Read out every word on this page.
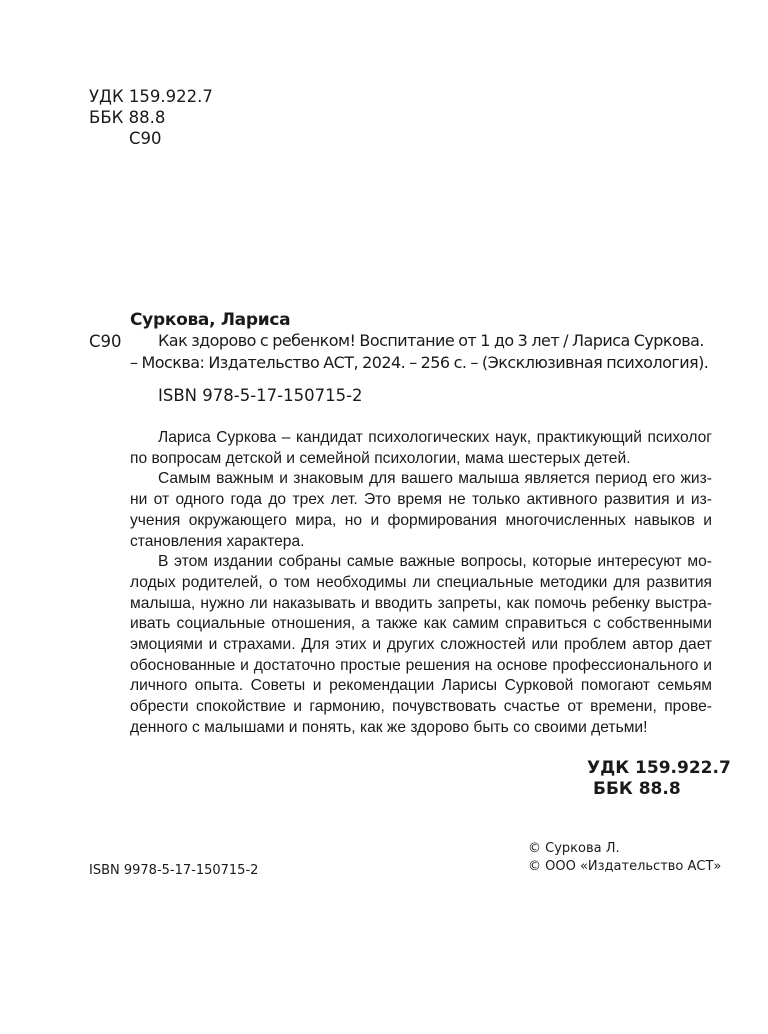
УДК 159.922.7
ББК 88.8
С90
Суркова, Лариса
С90	Как здорово с ребенком! Воспитание от 1 до 3 лет / Лариса Суркова. – Москва: Издательство АСТ, 2024. – 256 с. – (Эксклюзивная психология).
ISBN 978-5-17-150715-2

Лариса Суркова – кандидат психологических наук, практикующий психолог по вопросам детской и семейной психологии, мама шестерых детей.

Самым важным и знаковым для вашего малыша является период его жизни от одного года до трех лет. Это время не только активного развития и изучения окружающего мира, но и формирования многочисленных навыков и становления характера.

В этом издании собраны самые важные вопросы, которые интересуют молодых родителей, о том необходимы ли специальные методики для развития малыша, нужно ли наказывать и вводить запреты, как помочь ребенку выстраивать социальные отношения, а также как самим справиться с собственными эмоциями и страхами. Для этих и других сложностей или проблем автор дает обоснованные и достаточно простые решения на основе профессионального и личного опыта. Советы и рекомендации Ларисы Сурковой помогают семьям обрести спокойствие и гармонию, почувствовать счастье от времени, проведенного с малышами и понять, как же здорово быть со своими детьми!

УДК 159.922.7
ББК 88.8
ISBN 9978-5-17-150715-2
© Суркова Л.
© ООО «Издательство АСТ»
